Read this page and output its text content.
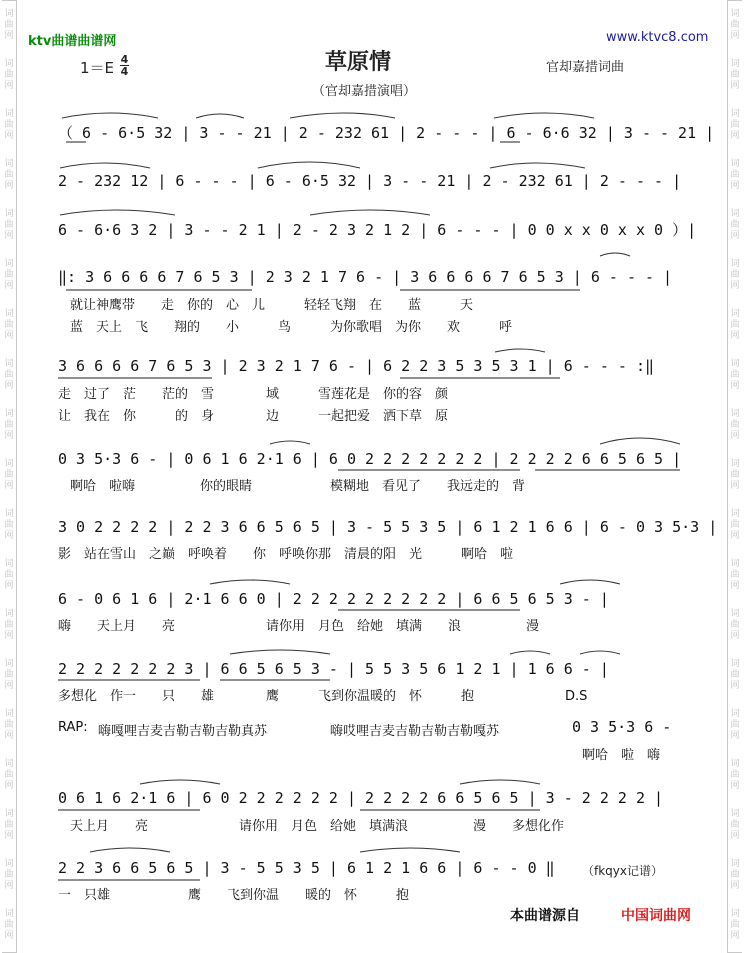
词
曲
网
词
曲
网
词
曲
网
词
曲
网
词
曲
网
词
曲
网
词
曲
网
词
曲
网
词
曲
网
词
曲
网
词
曲
网
词
曲
网
词
曲
网
词
曲
网
词
曲
网
词
曲
网
词
曲
网
词
曲
网
词
曲
网
词
曲
网
词
曲
网
词
曲
网
词
曲
网
词
曲
网
词
曲
网
词
曲
网
词
曲
网
词
曲
网
词
曲
网
词
曲
网
词
曲
网
词
曲
网
词
曲
网
词
曲
网
词
曲
网
词
曲
网
词
曲
网
词
曲
网
ktv曲谱曲谱网	www.ktvc8.com
草原情
1＝E 4
4	官却嘉措词曲
（官却嘉措演唱）
（ 6 - 6·5 32 | 3 - - 21 | 2 - 232 61 | 2 - - - | 6 - 6·6 32 | 3 - - 21 |
2 - 232 12 | 6 - - - | 6 - 6·5 32 | 3 - - 21 | 2 - 232 61 | 2 - - - |
6 - 6·6 3 2 | 3 - - 2 1 | 2 - 2 3 2 1 2 | 6 - - - | 0 0 x x 0 x x 0 ）|
‖: 3 6 6 6 6 7 6 5 3 | 2 3 2 1 7 6 - | 3 6 6 6 6 7 6 5 3 | 6 - - - |
就让神鹰带　　走　你的　心　儿　　　轻轻飞翔　在　　蓝　　　天
蓝　天上　飞　　翔的　　小　　　鸟　　　为你歌唱　为你　　欢　　　呼
3 6 6 6 6 7 6 5 3 | 2 3 2 1 7 6 - | 6 2 2 3 5 3 5 3 1 | 6 - - - :‖
走　过了　茫　　茫的　雪　　　　域　　　雪莲花是　你的容　颜
让　我在　你　　　的　身　　　　边　　　一起把爱　洒下草　原
0 3 5·3 6 - | 0 6 1 6 2·1 6 | 6 0 2 2 2 2 2 2 2 | 2 2 2 2 6 6 5 6 5 |
啊哈　啦嗨　　　　　你的眼睛　　　　　　模糊地　看见了　　我远走的　背
3 0 2 2 2 2 | 2 2 3 6 6 5 6 5 | 3 - 5 5 3 5 | 6 1 2 1 6 6 | 6 - 0 3 5·3 |
影　站在雪山　之巅　呼唤着　　你　呼唤你那　清晨的阳　光　　　啊哈　啦
6 - 0 6 1 6 | 2·1 6 6 0 | 2 2 2 2 2 2 2 2 2 | 6 6 5 6 5 3 - |
嗨　　天上月　　亮　　　　　　　请你用　月色　给她　填满　　浪　　　　　漫
2 2 2 2 2 2 2 3 | 6 6 5 6 5 3 - | 5 5 3 5 6 1 2 1 | 1 6 6 - |
多想化　作一　　只　　雄　　　　鹰　　　飞到你温暖的　怀　　　抱　　　　　　　D.S
RAP: 嗨嘎哩吉麦吉勒吉勒吉勒真苏	嗨哎哩吉麦吉勒吉勒吉勒嘎苏	0 3 5·3 6 -
啊哈　啦　嗨
0 6 1 6 2·1 6 | 6 0 2 2 2 2 2 2 | 2 2 2 2 6 6 5 6 5 | 3 - 2 2 2 2 |
天上月　　亮　　　　　　　请你用　月色　给她　填满浪　　　　　漫　　多想化作
2 2 3 6 6 5 6 5 | 3 - 5 5 3 5 | 6 1 2 1 6 6 | 6 - - 0 ‖ （fkqyx记谱）
一　只雄　　　　　　鹰　　飞到你温　　暖的　怀　　　抱
本曲谱源自	中国词曲网
